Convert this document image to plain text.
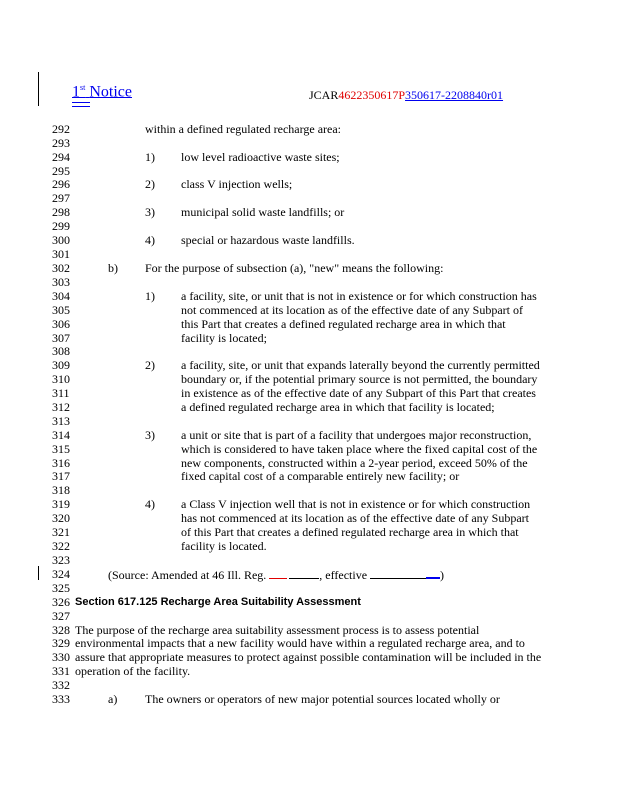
1st Notice	JCAR4622350617P350617-2208840r01
292
293
294
295
296
297
298
299
300
301
302
303
304
305
306
307
308
309
310
311
312
313
314
315
316
317
318
319
320
321
322
323
324
325
326
327
328
329
330
331
332
333
within a defined regulated recharge area:
1) low level radioactive waste sites;
2) class V injection wells;
3) municipal solid waste landfills; or
4) special or hazardous waste landfills.
b) For the purpose of subsection (a), "new" means the following:
1) a facility, site, or unit that is not in existence or for which construction has
not commenced at its location as of the effective date of any Subpart of
this Part that creates a defined regulated recharge area in which that
facility is located;
2) a facility, site, or unit that expands laterally beyond the currently permitted
boundary or, if the potential primary source is not permitted, the boundary
in existence as of the effective date of any Subpart of this Part that creates
a defined regulated recharge area in which that facility is located;
3) a unit or site that is part of a facility that undergoes major reconstruction,
which is considered to have taken place where the fixed capital cost of the
new components, constructed within a 2-year period, exceed 50% of the
fixed capital cost of a comparable entirely new facility; or
4) a Class V injection well that is not in existence or for which construction
has not commenced at its location as of the effective date of any Subpart
of this Part that creates a defined regulated recharge area in which that
facility is located.
(Source: Amended at 46 Ill. Reg.	, effective	)
Section 617.125 Recharge Area Suitability Assessment
The purpose of the recharge area suitability assessment process is to assess potential
environmental impacts that a new facility would have within a regulated recharge area, and to
assure that appropriate measures to protect against possible contamination will be included in the
operation of the facility.
a) The owners or operators of new major potential sources located wholly or
